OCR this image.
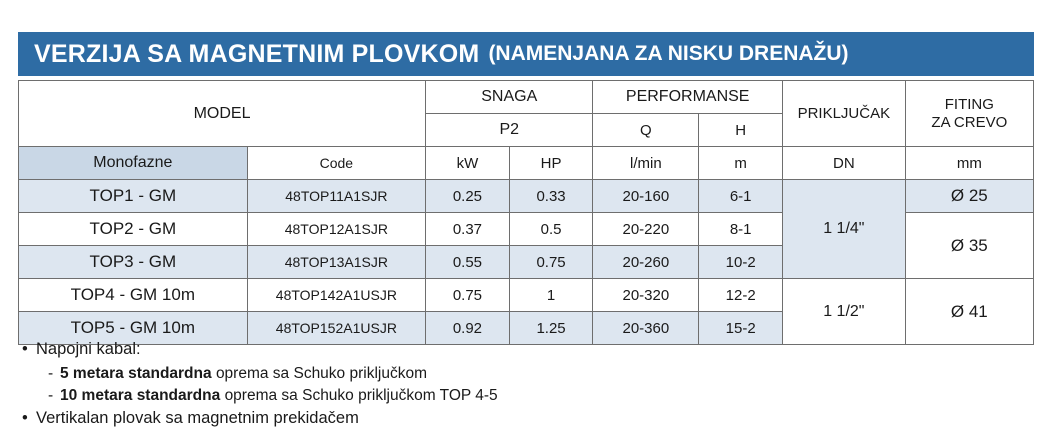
VERZIJA SA MAGNETNIM PLOVKOM (NAMENJANA ZA NISKU DRENAŽU)
MODEL		SNAGA		PERFORMANSE		PRIKLJUČAK	FITING
ZA CREVO

		P2		Q	H		
Monofazne	Code	kW	HP	l/min	m	DN	mm
TOP1 - GM	48TOP11A1SJR	0.25	0.33	20-160	6-1	1 1/4"	Ø 25
TOP2 - GM	48TOP12A1SJR	0.37	0.5	20-220	8-1		Ø 35
TOP3 - GM	48TOP13A1SJR	0.55	0.75	20-260	10-2		
TOP4 - GM 10m	48TOP142A1USJR	0.75	1	20-320	12-2	1 1/2"	Ø 41
TOP5 - GM 10m	48TOP152A1USJR	0.92	1.25	20-360	15-2		

• Napojni kabal:

- 5 metara standardna oprema sa Schuko priključkom

- 10 metara standardna oprema sa Schuko priključkom TOP 4-5

• Vertikalan plovak sa magnetnim prekidačem
